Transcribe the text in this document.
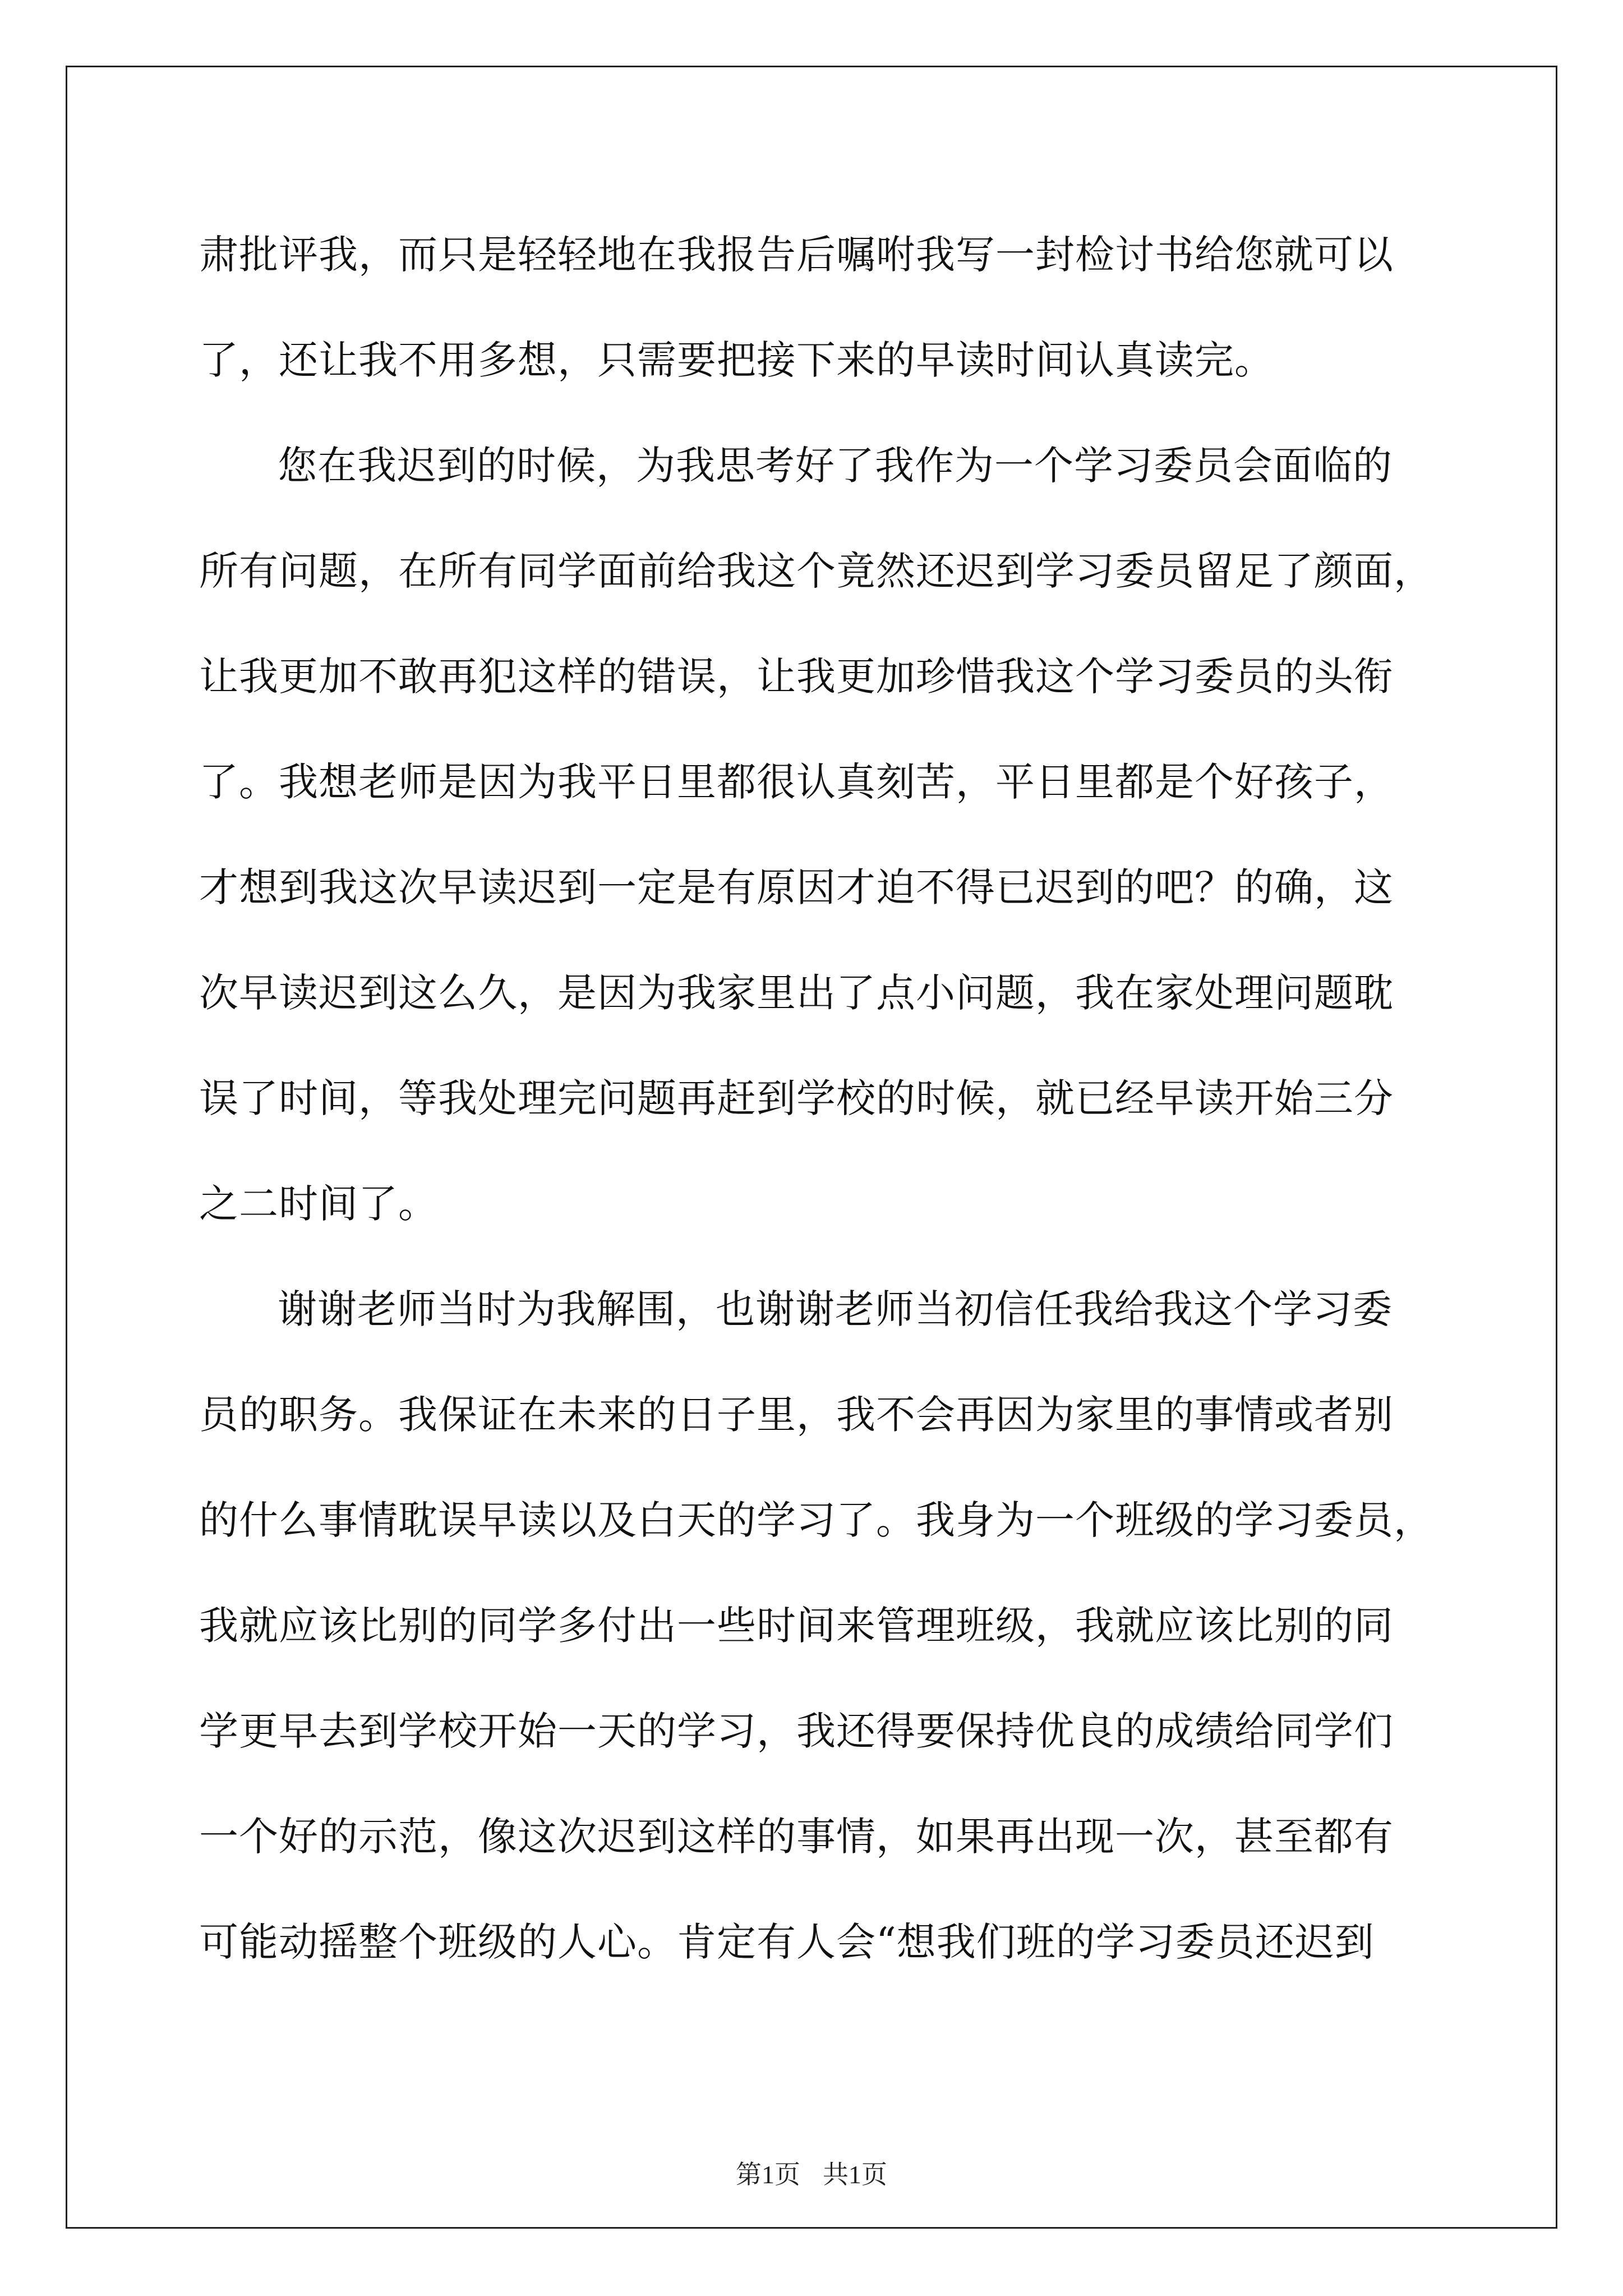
肃批评我，而只是轻轻地在我报告后嘱咐我写一封检讨书给您就可以
了，还让我不用多想，只需要把接下来的早读时间认真读完。
您在我迟到的时候，为我思考好了我作为一个学习委员会面临的
所有问题，在所有同学面前给我这个竟然还迟到学习委员留足了颜面，
让我更加不敢再犯这样的错误，让我更加珍惜我这个学习委员的头衔
了。我想老师是因为我平日里都很认真刻苦，平日里都是个好孩子，
才想到我这次早读迟到一定是有原因才迫不得已迟到的吧？的确，这
次早读迟到这么久，是因为我家里出了点小问题，我在家处理问题耽
误了时间，等我处理完问题再赶到学校的时候，就已经早读开始三分
之二时间了。
谢谢老师当时为我解围，也谢谢老师当初信任我给我这个学习委
员的职务。我保证在未来的日子里，我不会再因为家里的事情或者别
的什么事情耽误早读以及白天的学习了。我身为一个班级的学习委员，
我就应该比别的同学多付出一些时间来管理班级，我就应该比别的同
学更早去到学校开始一天的学习，我还得要保持优良的成绩给同学们
一个好的示范，像这次迟到这样的事情，如果再出现一次，甚至都有
可能动摇整个班级的人心。肯定有人会“想我们班的学习委员还迟到
第1页 共1页
